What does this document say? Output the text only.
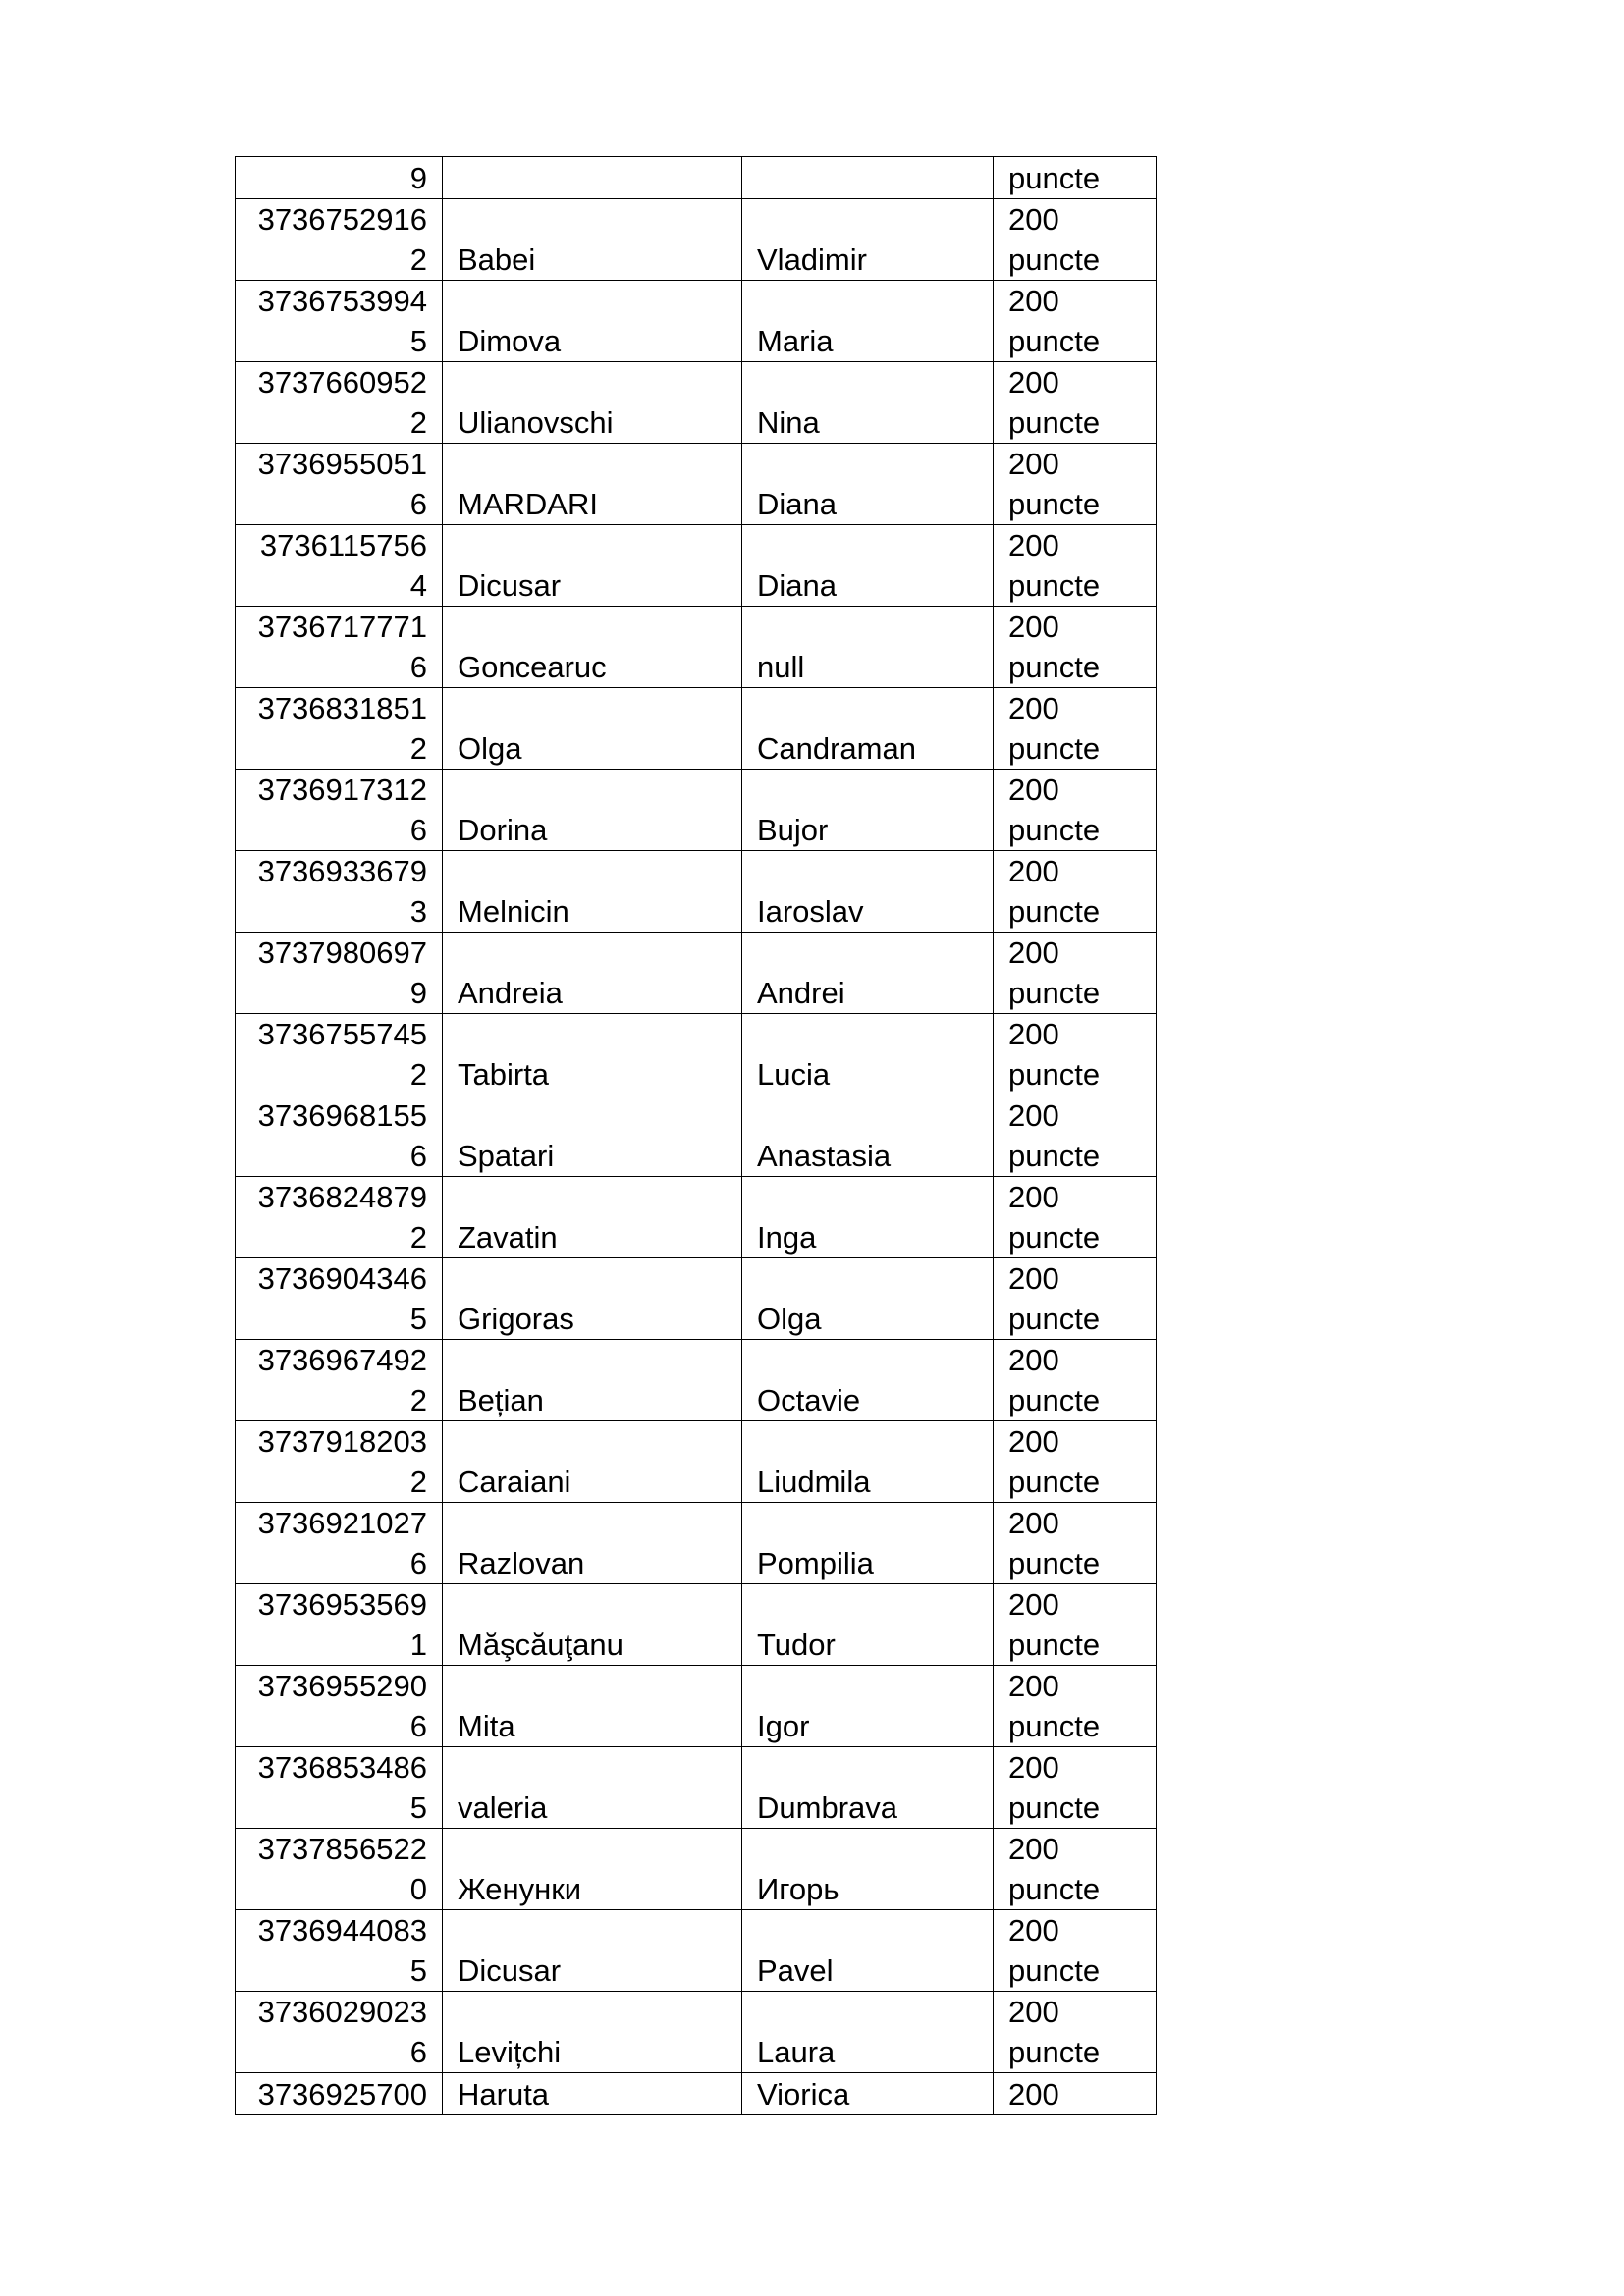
9			puncte

3736752916
2	Babei	Vladimir	200
puncte

3736753994
5	Dimova	Maria	200
puncte

3737660952
2	Ulianovschi	Nina	200
puncte

3736955051
6	MARDARI	Diana	200
puncte

3736115756
4	Dicusar	Diana	200
puncte

3736717771
6	Goncearuc	null	200
puncte

3736831851
2	Olga	Candraman	200
puncte

3736917312
6	Dorina	Bujor	200
puncte

3736933679
3	Melnicin	Iaroslav	200
puncte

3737980697
9	Andreia	Andrei	200
puncte

3736755745
2	Tabirta	Lucia	200
puncte

3736968155
6	Spatari	Anastasia	200
puncte

3736824879
2	Zavatin	Inga	200
puncte

3736904346
5	Grigoras	Olga	200
puncte

3736967492
2	Bețian	Octavie	200
puncte

3737918203
2	Caraiani	Liudmila	200
puncte

3736921027
6	Razlovan	Pompilia	200
puncte

3736953569
1	Măşcăuţanu	Tudor	200
puncte

3736955290
6	Mita	Igor	200
puncte

3736853486
5	valeria	Dumbrava	200
puncte

3737856522
0	Женунки	Игорь	200
puncte

3736944083
5	Dicusar	Pavel	200
puncte

3736029023
6	Levițchi	Laura	200
puncte

3736925700	Haruta	Viorica	200
